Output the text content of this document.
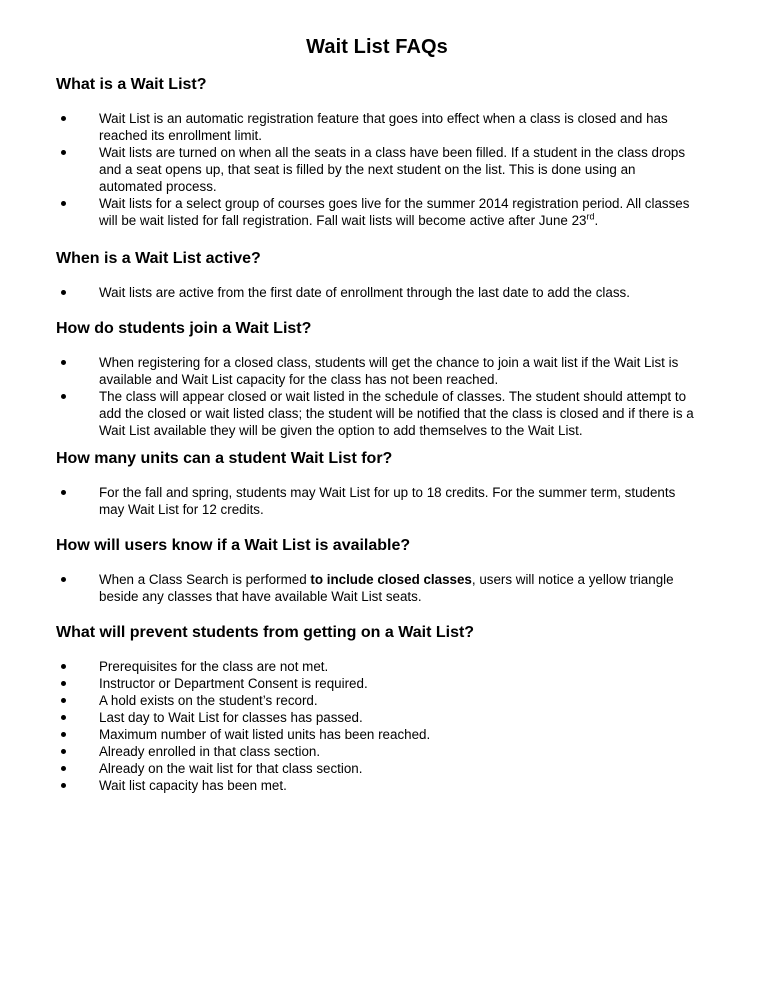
Wait List FAQs
What is a Wait List?
Wait List is an automatic registration feature that goes into effect when a class is closed and has reached its enrollment limit.
Wait lists are turned on when all the seats in a class have been filled. If a student in the class drops and a seat opens up, that seat is filled by the next student on the list. This is done using an automated process.
Wait lists for a select group of courses goes live for the summer 2014 registration period. All classes will be wait listed for fall registration. Fall wait lists will become active after June 23rd.
When is a Wait List active?
Wait lists are active from the first date of enrollment through the last date to add the class.
How do students join a Wait List?
When registering for a closed class, students will get the chance to join a wait list if the Wait List is available and Wait List capacity for the class has not been reached.
The class will appear closed or wait listed in the schedule of classes. The student should attempt to add the closed or wait listed class; the student will be notified that the class is closed and if there is a Wait List available they will be given the option to add themselves to the Wait List.
How many units can a student Wait List for?
For the fall and spring, students may Wait List for up to 18 credits. For the summer term, students may Wait List for 12 credits.
How will users know if a Wait List is available?
When a Class Search is performed to include closed classes, users will notice a yellow triangle beside any classes that have available Wait List seats.
What will prevent students from getting on a Wait List?
Prerequisites for the class are not met.
Instructor or Department Consent is required.
A hold exists on the student’s record.
Last day to Wait List for classes has passed.
Maximum number of wait listed units has been reached.
Already enrolled in that class section.
Already on the wait list for that class section.
Wait list capacity has been met.
